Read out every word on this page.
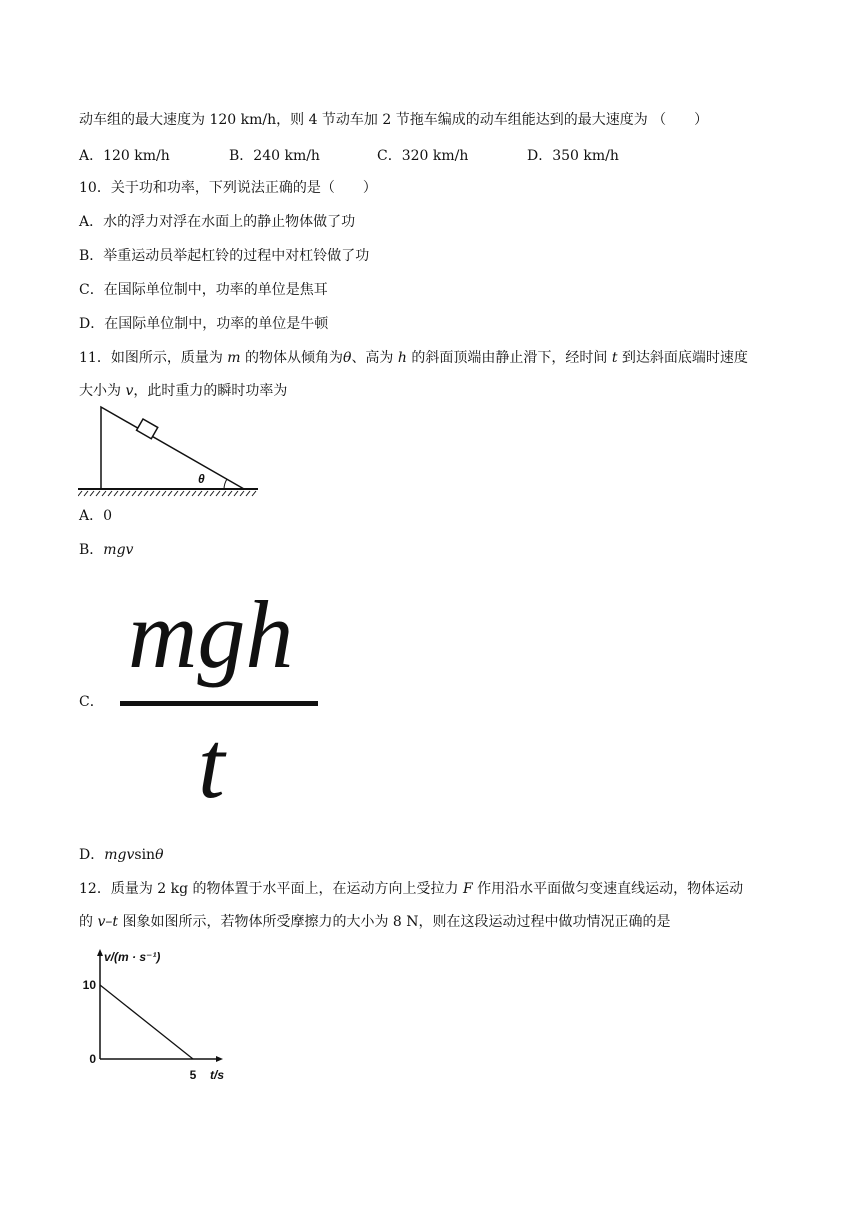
动车组的最大速度为 120 km/h，则 4 节动车加 2 节拖车编成的动车组能达到的最大速度为 （　　）
A．120 km/h	B．240 km/h	C．320 km/h	D．350 km/h
10．关于功和功率，下列说法正确的是（　　）
A．水的浮力对浮在水面上的静止物体做了功
B．举重运动员举起杠铃的过程中对杠铃做了功
C．在国际单位制中，功率的单位是焦耳
D．在国际单位制中，功率的单位是牛顿
11．如图所示，质量为 m 的物体从倾角为θ、高为 h 的斜面顶端由静止滑下，经时间 t 到达斜面底端时速度
大小为 v，此时重力的瞬时功率为
θ
A．0
B．mgv
C．
mgh
t
D．mgvsinθ
12．质量为 2 kg 的物体置于水平面上，在运动方向上受拉力 F 作用沿水平面做匀变速直线运动，物体运动
的 v–t 图象如图所示，若物体所受摩擦力的大小为 8 N，则在这段运动过程中做功情况正确的是
v/(m · s⁻¹)
t/s
10
0
5
